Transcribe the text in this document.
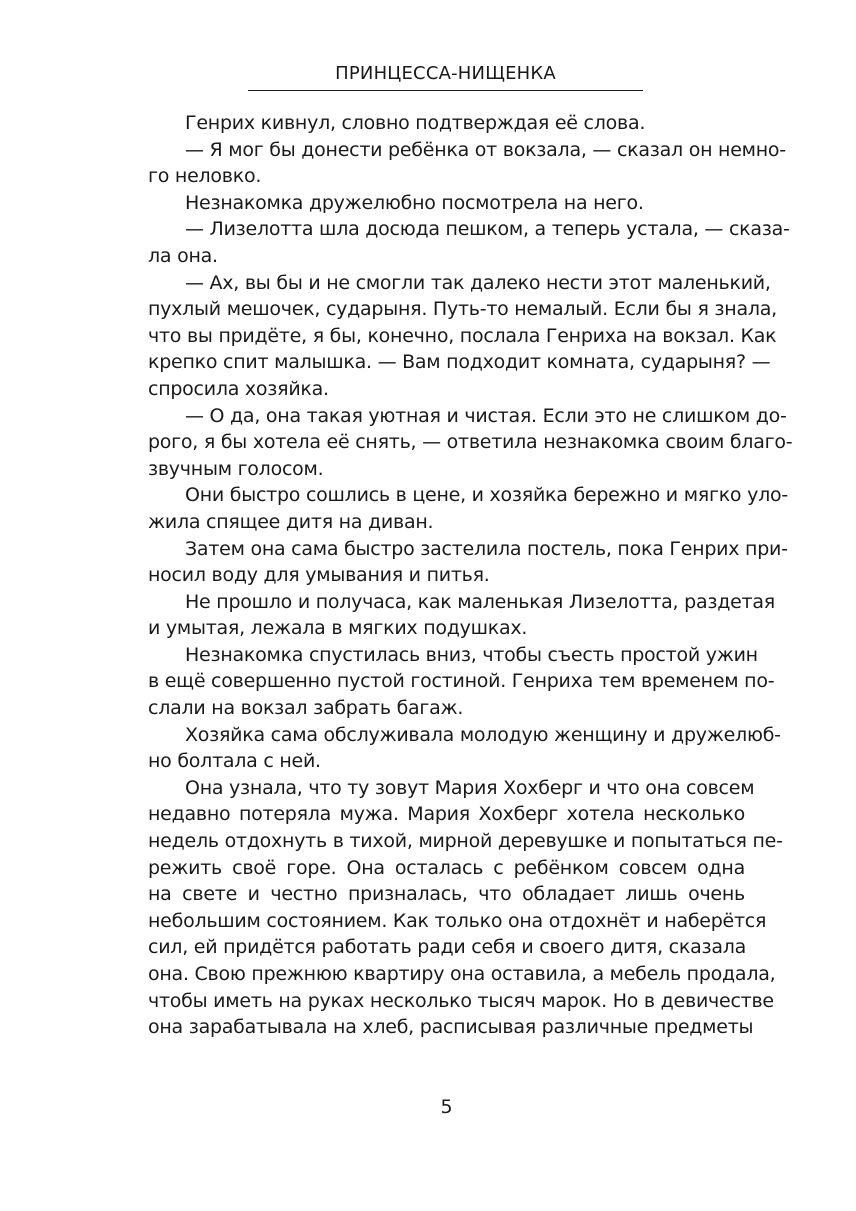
ПРИНЦЕССА-НИЩЕНКА
Генрих кивнул, словно подтверждая её слова.
— Я мог бы донести ребёнка от вокзала, — сказал он немно-
го неловко.
Незнакомка дружелюбно посмотрела на него.
— Лизелотта шла досюда пешком, а теперь устала, — сказа-
ла она.
— Ах, вы бы и не смогли так далеко нести этот маленький,
пухлый мешочек, сударыня. Путь-то немалый. Если бы я знала,
что вы придёте, я бы, конечно, послала Генриха на вокзал. Как
крепко спит малышка. — Вам подходит комната, сударыня? —
спросила хозяйка.
— О да, она такая уютная и чистая. Если это не слишком до-
рого, я бы хотела её снять, — ответила незнакомка своим благо-
звучным голосом.
Они быстро сошлись в цене, и хозяйка бережно и мягко уло-
жила спящее дитя на диван.
Затем она сама быстро застелила постель, пока Генрих при-
носил воду для умывания и питья.
Не прошло и получаса, как маленькая Лизелотта, раздетая
и умытая, лежала в мягких подушках.
Незнакомка спустилась вниз, чтобы съесть простой ужин
в ещё совершенно пустой гостиной. Генриха тем временем по-
слали на вокзал забрать багаж.
Хозяйка сама обслуживала молодую женщину и дружелюб-
но болтала с ней.
Она узнала, что ту зовут Мария Хохберг и что она совсем
недавно потеряла мужа. Мария Хохберг хотела несколько
недель отдохнуть в тихой, мирной деревушке и попытаться пе-
режить своё горе. Она осталась с ребёнком совсем одна
на свете и честно призналась, что обладает лишь очень
небольшим состоянием. Как только она отдохнёт и наберётся
сил, ей придётся работать ради себя и своего дитя, сказала
она. Свою прежнюю квартиру она оставила, а мебель продала,
чтобы иметь на руках несколько тысяч марок. Но в девичестве
она зарабатывала на хлеб, расписывая различные предметы
5
